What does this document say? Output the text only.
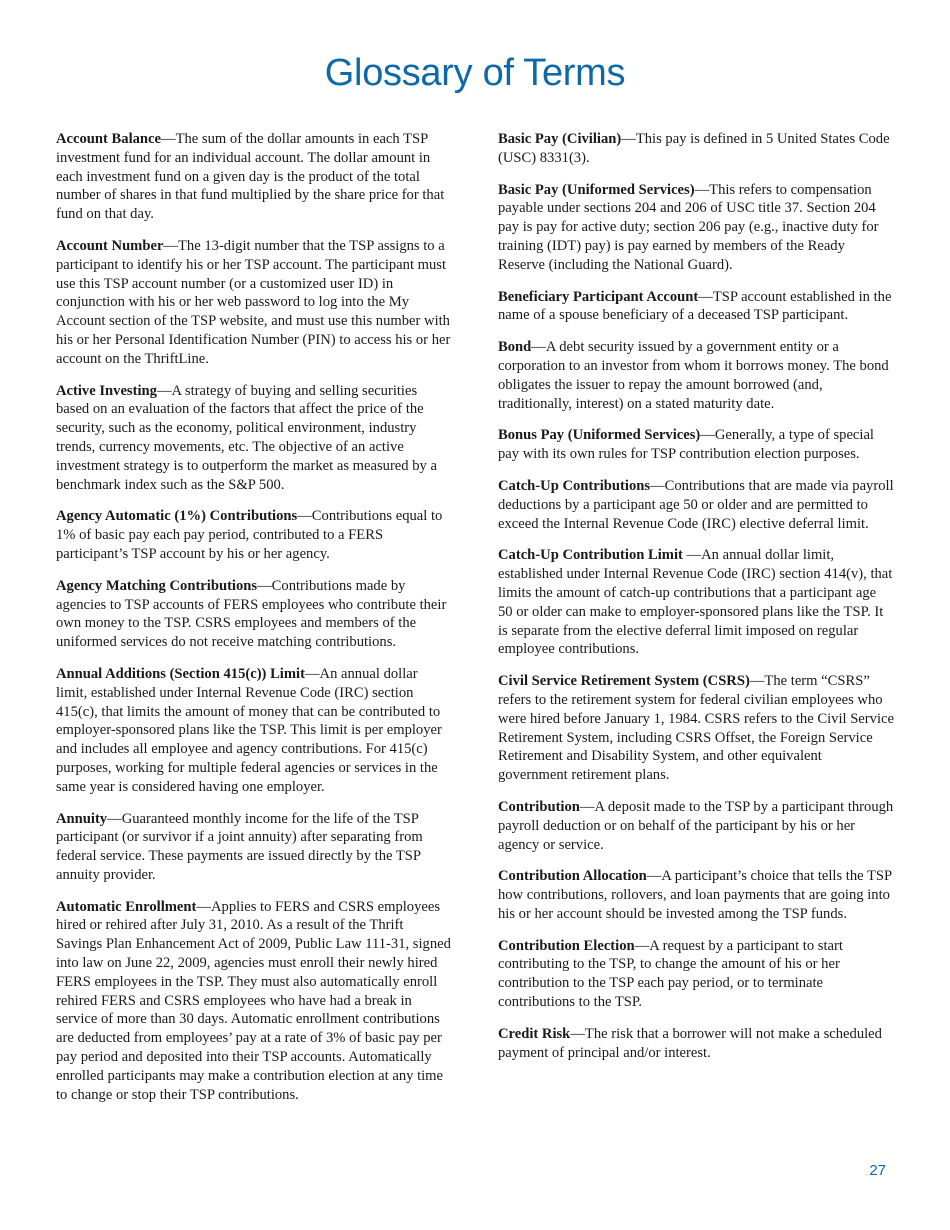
Glossary of Terms

Account Balance—The sum of the dollar amounts in each TSP investment fund for an individual account. The dollar amount in each investment fund on a given day is the product of the total number of shares in that fund multiplied by the share price for that fund on that day.

Account Number—The 13-digit number that the TSP assigns to a participant to identify his or her TSP account. The participant must use this TSP account number (or a customized user ID) in conjunction with his or her web password to log into the My Account section of the TSP website, and must use this number with his or her Personal Identification Number (PIN) to access his or her account on the ThriftLine.

Active Investing—A strategy of buying and selling securities based on an evaluation of the factors that affect the price of the security, such as the economy, political environment, industry trends, currency movements, etc. The objective of an active investment strategy is to outperform the market as measured by a benchmark index such as the S&P 500.

Agency Automatic (1%) Contributions—Contributions equal to 1% of basic pay each pay period, contributed to a FERS participant’s TSP account by his or her agency.

Agency Matching Contributions—Contributions made by agencies to TSP accounts of FERS employees who contribute their own money to the TSP. CSRS employees and members of the uniformed services do not receive matching contributions.

Annual Additions (Section 415(c)) Limit—An annual dollar limit, established under Internal Revenue Code (IRC) section 415(c), that limits the amount of money that can be contributed to employer-sponsored plans like the TSP. This limit is per employer and includes all employee and agency contributions. For 415(c) purposes, working for multiple federal agencies or services in the same year is considered having one employer.

Annuity—Guaranteed monthly income for the life of the TSP participant (or survivor if a joint annuity) after separating from federal service. These payments are issued directly by the TSP annuity provider.

Automatic Enrollment—Applies to FERS and CSRS employees hired or rehired after July 31, 2010. As a result of the Thrift Savings Plan Enhancement Act of 2009, Public Law 111-31, signed into law on June 22, 2009, agencies must enroll their newly hired FERS employees in the TSP. They must also automatically enroll rehired FERS and CSRS employees who have had a break in service of more than 30 days. Automatic enrollment contributions are deducted from employees’ pay at a rate of 3% of basic pay per pay period and deposited into their TSP accounts. Automatically enrolled participants may make a contribution election at any time to change or stop their TSP contributions.

Basic Pay (Civilian)—This pay is defined in 5 United States Code (USC) 8331(3).

Basic Pay (Uniformed Services)—This refers to compensation payable under sections 204 and 206 of USC title 37. Section 204 pay is pay for active duty; section 206 pay (e.g., inactive duty for training (IDT) pay) is pay earned by members of the Ready Reserve (including the National Guard).

Beneficiary Participant Account—TSP account established in the name of a spouse beneficiary of a deceased TSP participant.

Bond—A debt security issued by a government entity or a corporation to an investor from whom it borrows money. The bond obligates the issuer to repay the amount borrowed (and, traditionally, interest) on a stated maturity date.

Bonus Pay (Uniformed Services)—Generally, a type of special pay with its own rules for TSP contribution election purposes.

Catch-Up Contributions—Contributions that are made via payroll deductions by a participant age 50 or older and are permitted to exceed the Internal Revenue Code (IRC) elective deferral limit.

Catch-Up Contribution Limit —An annual dollar limit, established under Internal Revenue Code (IRC) section 414(v), that limits the amount of catch-up contributions that a participant age 50 or older can make to employer-sponsored plans like the TSP. It is separate from the elective deferral limit imposed on regular employee contributions.

Civil Service Retirement System (CSRS)—The term “CSRS” refers to the retirement system for federal civilian employees who were hired before January 1, 1984. CSRS refers to the Civil Service Retirement System, including CSRS Offset, the Foreign Service Retirement and Disability System, and other equivalent government retirement plans.

Contribution—A deposit made to the TSP by a participant through payroll deduction or on behalf of the participant by his or her agency or service.

Contribution Allocation—A participant’s choice that tells the TSP how contributions, rollovers, and loan payments that are going into his or her account should be invested among the TSP funds.

Contribution Election—A request by a participant to start contributing to the TSP, to change the amount of his or her contribution to the TSP each pay period, or to terminate contributions to the TSP.

Credit Risk—The risk that a borrower will not make a scheduled payment of principal and/or interest.

27
